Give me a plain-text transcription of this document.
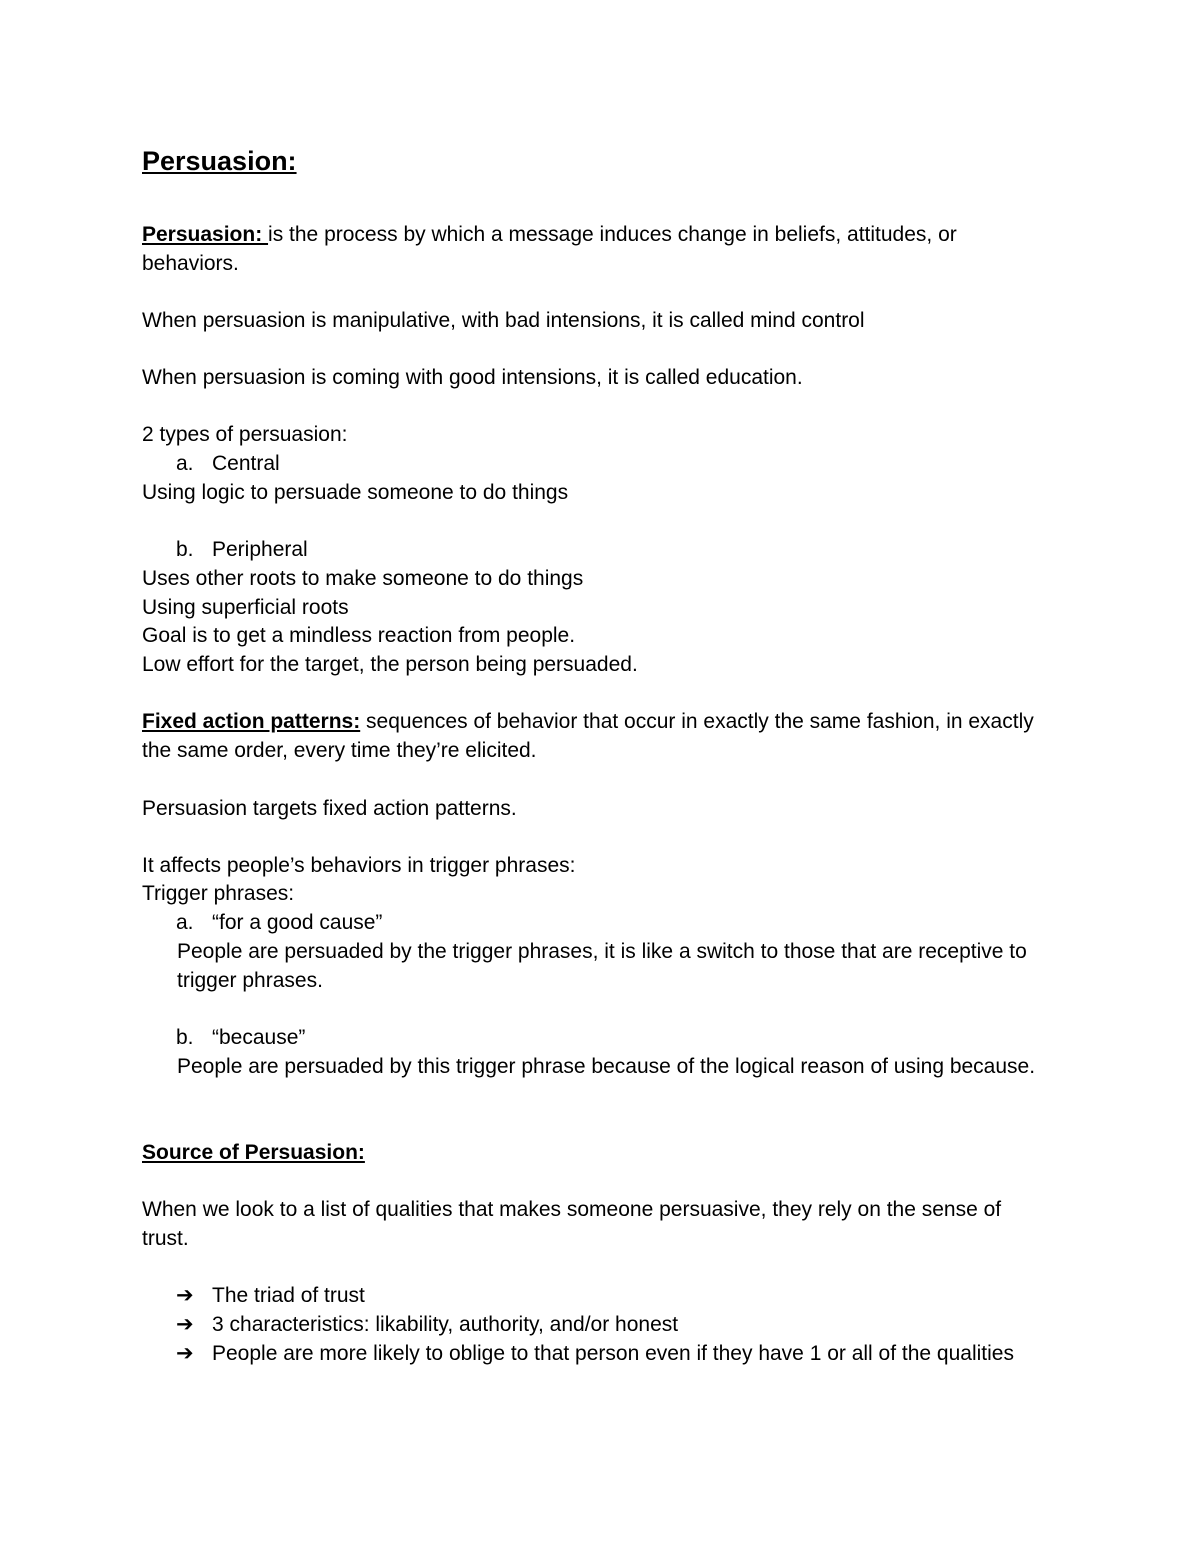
Persuasion:
Persuasion: is the process by which a message induces change in beliefs, attitudes, or
behaviors.
When persuasion is manipulative, with bad intensions, it is called mind control
When persuasion is coming with good intensions, it is called education.
2 types of persuasion:
a. Central
Using logic to persuade someone to do things
b. Peripheral
Uses other roots to make someone to do things
Using superficial roots
Goal is to get a mindless reaction from people.
Low effort for the target, the person being persuaded.
Fixed action patterns: sequences of behavior that occur in exactly the same fashion, in exactly
the same order, every time they’re elicited.
Persuasion targets fixed action patterns.
It affects people’s behaviors in trigger phrases:
Trigger phrases:
a. “for a good cause”
People are persuaded by the trigger phrases, it is like a switch to those that are receptive to
trigger phrases.
b. “because”
People are persuaded by this trigger phrase because of the logical reason of using because.
Source of Persuasion:
When we look to a list of qualities that makes someone persuasive, they rely on the sense of
trust.
➔ The triad of trust
➔ 3 characteristics: likability, authority, and/or honest
➔ People are more likely to oblige to that person even if they have 1 or all of the qualities
